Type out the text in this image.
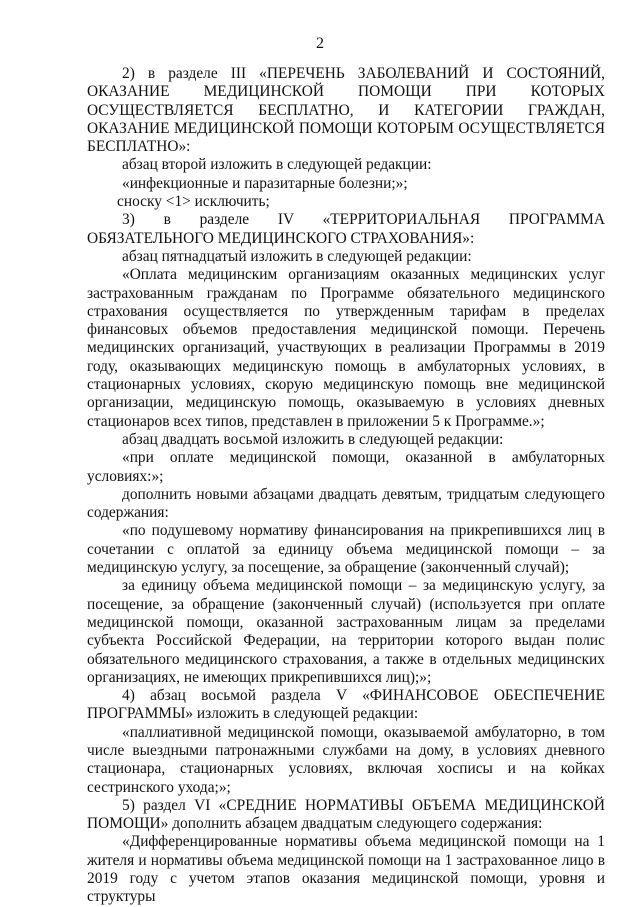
2

2) в разделе III «ПЕРЕЧЕНЬ ЗАБОЛЕВАНИЙ И СОСТОЯНИЙ, ОКАЗАНИЕ МЕДИЦИНСКОЙ ПОМОЩИ ПРИ КОТОРЫХ ОСУЩЕСТВЛЯЕТСЯ БЕСПЛАТНО, И КАТЕГОРИИ ГРАЖДАН, ОКАЗАНИЕ МЕДИЦИНСКОЙ ПОМОЩИ КОТОРЫМ ОСУЩЕСТВЛЯЕТСЯ БЕСПЛАТНО»:

абзац второй изложить в следующей редакции:

«инфекционные и паразитарные болезни;»;

сноску <1> исключить;

3) в разделе IV «ТЕРРИТОРИАЛЬНАЯ ПРОГРАММА ОБЯЗАТЕЛЬНОГО МЕДИЦИНСКОГО СТРАХОВАНИЯ»:

абзац пятнадцатый изложить в следующей редакции:

«Оплата медицинским организациям оказанных медицинских услуг застрахованным гражданам по Программе обязательного медицинского страхования осуществляется по утвержденным тарифам в пределах финансовых объемов предоставления медицинской помощи. Перечень медицинских организаций, участвующих в реализации Программы в 2019 году, оказывающих медицинскую помощь в амбулаторных условиях, в стационарных условиях, скорую медицинскую помощь вне медицинской организации, медицинскую помощь, оказываемую в условиях дневных стационаров всех типов, представлен в приложении 5 к Программе.»;

абзац двадцать восьмой изложить в следующей редакции:

«при оплате медицинской помощи, оказанной в амбулаторных условиях:»;

дополнить новыми абзацами двадцать девятым, тридцатым следующего содержания:

«по подушевому нормативу финансирования на прикрепившихся лиц в сочетании с оплатой за единицу объема медицинской помощи – за медицинскую услугу, за посещение, за обращение (законченный случай);

за единицу объема медицинской помощи – за медицинскую услугу, за посещение, за обращение (законченный случай) (используется при оплате медицинской помощи, оказанной застрахованным лицам за пределами субъекта Российской Федерации, на территории которого выдан полис обязательного медицинского страхования, а также в отдельных медицинских организациях, не имеющих прикрепившихся лиц);»;

4) абзац восьмой раздела V «ФИНАНСОВОЕ ОБЕСПЕЧЕНИЕ ПРОГРАММЫ» изложить в следующей редакции:

«паллиативной медицинской помощи, оказываемой амбулаторно, в том числе выездными патронажными службами на дому, в условиях дневного стационара, стационарных условиях, включая хосписы и на койках сестринского ухода;»;

5) раздел VI «СРЕДНИЕ НОРМАТИВЫ ОБЪЕМА МЕДИЦИНСКОЙ ПОМОЩИ» дополнить абзацем двадцатым следующего содержания:

«Дифференцированные нормативы объема медицинской помощи на 1 жителя и нормативы объема медицинской помощи на 1 застрахованное лицо в 2019 году с учетом этапов оказания медицинской помощи, уровня и структуры
